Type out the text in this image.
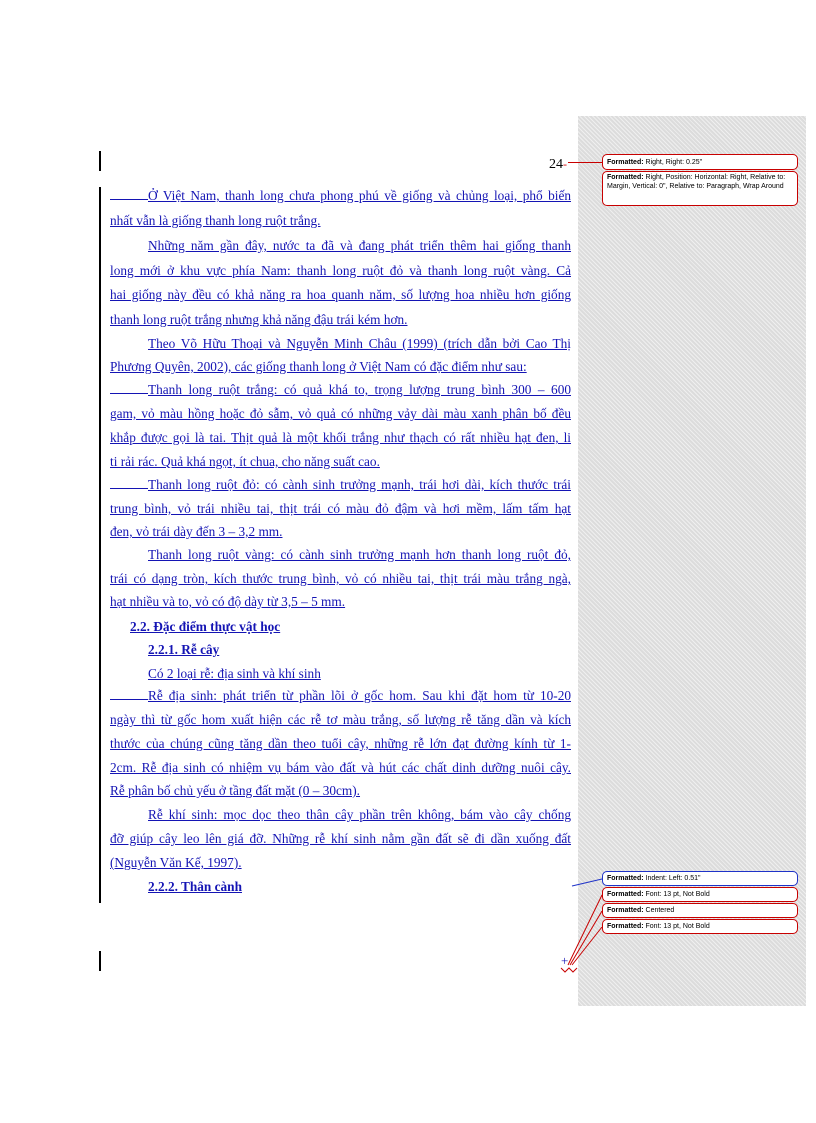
24-
Ở Việt Nam, thanh long chưa phong phú về giống và chủng loại, phổ biến
nhất vẫn là giống thanh long ruột trắng.
Những năm gần đây, nước ta đã và đang phát triển thêm hai giống thanh
long mới ở khu vực phía Nam: thanh long ruột đỏ và thanh long ruột vàng. Cả
hai giống này đều có khả năng ra hoa quanh năm, số lượng hoa nhiều hơn giống
thanh long ruột trắng nhưng khả năng đậu trái kém hơn.
Theo Võ Hữu Thoại và Nguyễn Minh Châu (1999) (trích dẫn bởi Cao Thị
Phương Quyên, 2002), các giống thanh long ở Việt Nam có đặc điểm như sau:
Thanh long ruột trắng: có quả khá to, trọng lượng trung bình 300 – 600
gam, vỏ màu hồng hoặc đỏ sẫm, vỏ quả có những vảy dài màu xanh phân bố đều
khắp được gọi là tai. Thịt quả là một khối trắng như thạch có rất nhiều hạt đen, li
ti rải rác. Quả khá ngọt, ít chua, cho năng suất cao.
Thanh long ruột đỏ: có cành sinh trưởng mạnh, trái hơi dài, kích thước trái
trung bình, vỏ trái nhiều tai, thịt trái có màu đỏ đậm và hơi mềm, lấm tấm hạt
đen, vỏ trái dày đến 3 – 3,2 mm.
Thanh long ruột vàng: có cành sinh trưởng mạnh hơn thanh long ruột đỏ,
trái có dạng tròn, kích thước trung bình, vỏ có nhiều tai, thịt trái màu trắng ngà,
hạt nhiều và to, vỏ có độ dày từ 3,5 – 5 mm.
2.2. Đặc điểm thực vật học
2.2.1. Rễ cây
Có 2 loại rễ: địa sinh và khí sinh
Rễ địa sinh: phát triển từ phần lõi ở gốc hom. Sau khi đặt hom từ 10-20
ngày thì từ gốc hom xuất hiện các rễ tơ màu trắng, số lượng rễ tăng dần và kích
thước của chúng cũng tăng dần theo tuổi cây, những rễ lớn đạt đường kính từ 1-
2cm. Rễ địa sinh có nhiệm vụ bám vào đất và hút các chất dinh dưỡng nuôi cây.
Rễ phân bố chủ yếu ở tầng đất mặt (0 – 30cm).
Rễ khí sinh: mọc dọc theo thân cây phần trên không, bám vào cây chống
đỡ giúp cây leo lên giá đỡ. Những rễ khí sinh nằm gần đất sẽ đi dần xuống đất
(Nguyễn Văn Kế, 1997).
2.2.2. Thân cành
Formatted: Right, Right: 0.25"
Formatted: Right, Position: Horizontal: Right, Relative to: Margin, Vertical: 0", Relative to: Paragraph, Wrap Around
Formatted: Indent: Left: 0.51"
Formatted: Font: 13 pt, Not Bold
Formatted: Centered
Formatted: Font: 13 pt, Not Bold
+
